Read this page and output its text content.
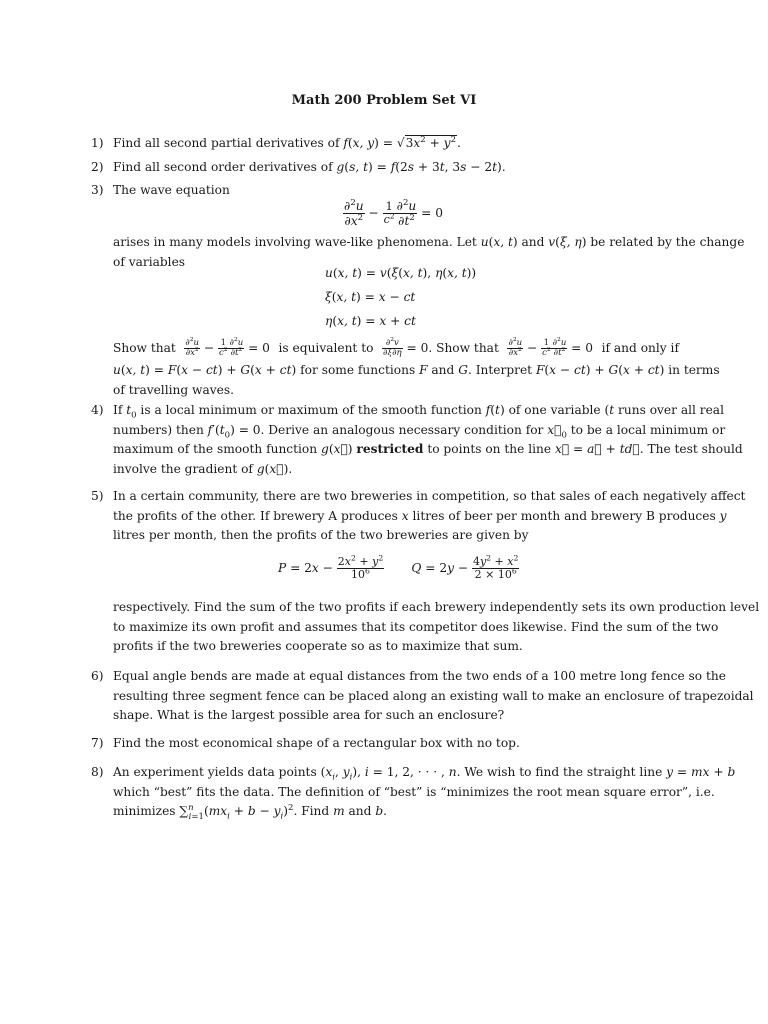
Math 200 Problem Set VI
1) Find all second partial derivatives of f(x, $y) = √3x^2 + y^2$.
2) Find all second order derivatives of g(s, t) = f(2s + 3t, 3s − 2t).
3) The wave equation
$\frac{\partial^2u}{\partial x^2} - \frac{1}{c^2} \frac{\partial^2u}{\partial t^2} = 0$
arises in many models involving wave-like phenomena. Let u(x, t) and v(ξ, η) be related by the change
of variables
u(x, t) = v(ξ(x, t), η(x, t))
ξ(x, t) = x − ct
η(x, t) = x + ct
Show that $\frac{\partial^2u}{\partial x^2} - \frac{1}{c^2} \frac{\partial^2u}{\partial t^2} = 0$ is equivalent to $\frac{\partial^2v}{\partial\xi\partial\eta} = 0$. Show that $\frac{\partial^2u}{\partial x^2} - \frac{1}{c^2} \frac{\partial^2u}{\partial t^2} = 0$ if and only if
u(x, t) = F(x − ct) + G(x + ct) for some functions F and G. Interpret F(x − ct) + G(x + ct) in terms
of travelling waves.
4) If $t_0$ is a local minimum or maximum of the smooth function f(t) of one variable (t runs over all real
numbers) then $f'(t_0) = 0$. Derive an analogous necessary condition for $x⃗_0$ to be a local minimum or
maximum of the smooth function g(x⃗) restricted to points on the line x⃗ = a⃗ + td⃗. The test should
involve the gradient of g(x⃗).
5) In a certain community, there are two breweries in competition, so that sales of each negatively affect
the profits of the other. If brewery A produces x litres of beer per month and brewery B produces y
litres per month, then the profits of the two breweries are given by
$P = 2x - \frac{2x^2 + y^2}{10^6}$ $Q = 2y - \frac{4y^2 + x^2}{2 \times 10^6}$
respectively. Find the sum of the two profits if each brewery independently sets its own production level
to maximize its own profit and assumes that its competitor does likewise. Find the sum of the two
profits if the two breweries cooperate so as to maximize that sum.
6) Equal angle bends are made at equal distances from the two ends of a 100 metre long fence so the
resulting three segment fence can be placed along an existing wall to make an enclosure of trapezoidal
shape. What is the largest possible area for such an enclosure?
7) Find the most economical shape of a rectangular box with no top.
8) An experiment yields data points ($x_i$, $y_i$), i = 1, 2, · · · , n. We wish to find the straight line y = mx + b
which “best” fits the data. The definition of “best” is “minimizes the root mean square error”, i.e.
minimizes $\sum^n_{i=1}(mx_i + b - y_i)^2$. Find m and b.
